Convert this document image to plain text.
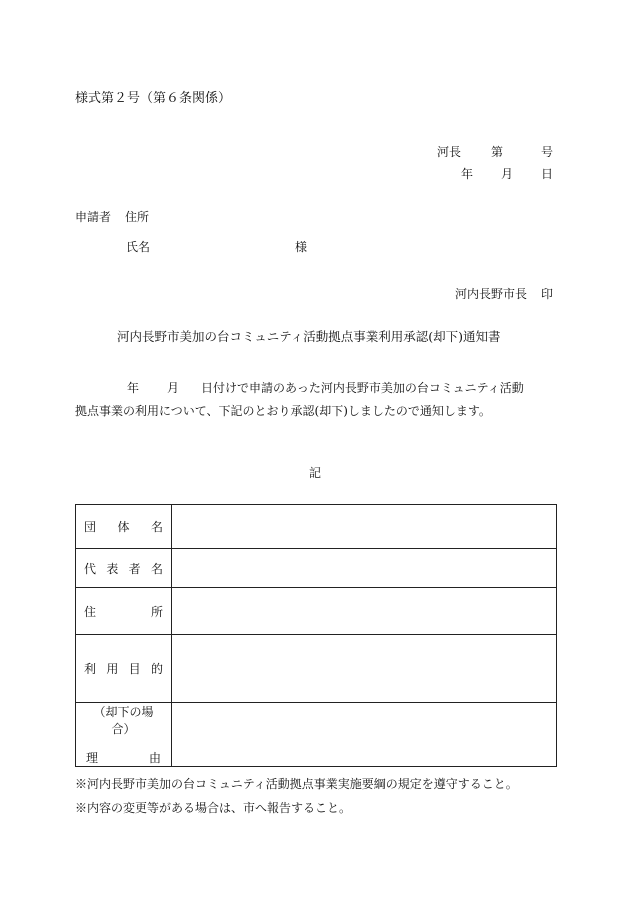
様式第２号（第６条関係）
河長	第	号
年 月 日
申請者 住所
氏名	様
河内長野市長 印
河内長野市美加の台コミュニティ活動拠点事業利用承認(却下)通知書
年 月 日付けで申請のあった河内長野市美加の台コミュニティ活動
拠点事業の利用について、下記のとおり承認(却下)しましたので通知します。
記
団 体 名	

代 表 者 名	

住 所	

利 用 目 的	

（却下の場合）
理 由	

※河内長野市美加の台コミュニティ活動拠点事業実施要綱の規定を遵守すること。
※内容の変更等がある場合は、市へ報告すること。
